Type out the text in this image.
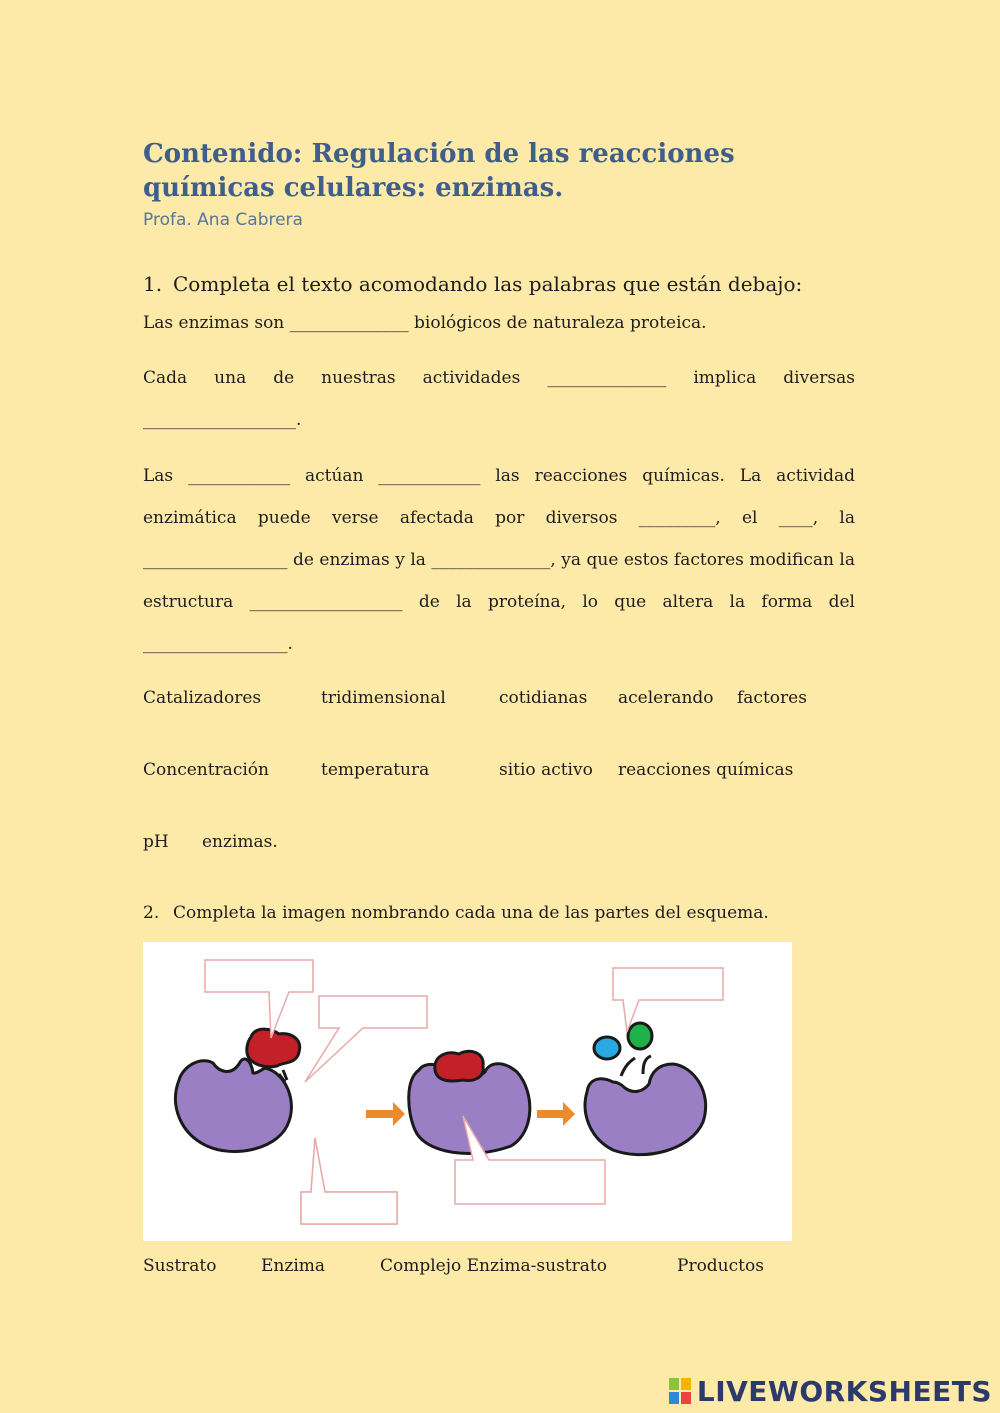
Contenido: Regulación de las reacciones químicas celulares: enzimas.
Profa. Ana Cabrera
1. Completa el texto acomodando las palabras que están debajo:
Las enzimas son ______________ biológicos de naturaleza proteica.

Cada una de nuestras actividades ______________ implica diversas __________________.

Las ____________ actúan ____________ las reacciones químicas. La actividad enzimática puede verse afectada por diversos _________, el ____, la _________________ de enzimas y la ______________, ya que estos factores modifican la estructura __________________ de la proteína, lo que altera la forma del _________________.

Catalizadores	tridimensional	cotidianas acelerando factores
Concentración	temperatura	sitio activo reacciones químicas
pH enzimas.
2. Completa la imagen nombrando cada una de las partes del esquema.
Sustrato	Enzima	Complejo Enzima-sustrato	Productos
LIVEWORKSHEETS
